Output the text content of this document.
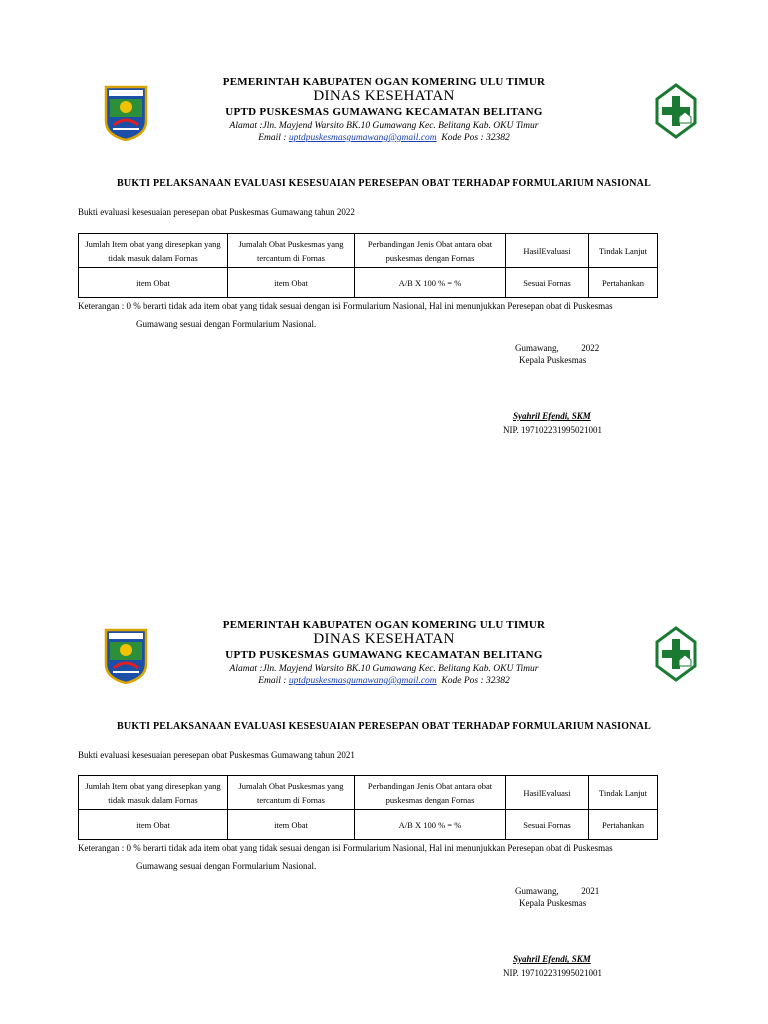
PEMERINTAH KABUPATEN OGAN KOMERING ULU TIMUR
DINAS KESEHATAN
UPTD PUSKESMAS GUMAWANG KECAMATAN BELITANG
Alamat :Jln. Mayjend Warsito BK.10 Gumawang Kec. Belitang Kab. OKU Timur
Email : uptdpuskesmasgumawang@gmail.com Kode Pos : 32382
BUKTI PELAKSANAAN EVALUASI KESESUAIAN PERESEPAN OBAT TERHADAP FORMULARIUM NASIONAL
Bukti evaluasi kesesuaian peresepan obat Puskesmas Gumawang tahun 2022
Jumlah Item obat yang diresepkan yang tidak masuk dalam Fornas	Jumalah Obat Puskesmas yang tercantum di Fornas	Perbandingan Jenis Obat antara obat puskesmas dengan Fornas	HasilEvaluasi	Tindak Lanjut
item Obat	item Obat	A/B X 100 % = %	Sesuai Fornas	Pertahankan
Keterangan : 0 % berarti tidak ada item obat yang tidak sesuai dengan isi Formularium Nasional, Hal ini menunjukkan Peresepan obat di Puskesmas
Gumawang sesuai dengan Formularium Nasional.
Gumawang,	2022
Kepala Puskesmas
Syahril Efendi, SKM
NIP. 197102231995021001
PEMERINTAH KABUPATEN OGAN KOMERING ULU TIMUR
DINAS KESEHATAN
UPTD PUSKESMAS GUMAWANG KECAMATAN BELITANG
Alamat :Jln. Mayjend Warsito BK.10 Gumawang Kec. Belitang Kab. OKU Timur
Email : uptdpuskesmasgumawang@gmail.com Kode Pos : 32382
BUKTI PELAKSANAAN EVALUASI KESESUAIAN PERESEPAN OBAT TERHADAP FORMULARIUM NASIONAL
Bukti evaluasi kesesuaian peresepan obat Puskesmas Gumawang tahun 2021
Jumlah Item obat yang diresepkan yang tidak masuk dalam Fornas	Jumalah Obat Puskesmas yang tercantum di Fornas	Perbandingan Jenis Obat antara obat puskesmas dengan Fornas	HasilEvaluasi	Tindak Lanjut
item Obat	item Obat	A/B X 100 % = %	Sesuai Fornas	Pertahankan
Keterangan : 0 % berarti tidak ada item obat yang tidak sesuai dengan isi Formularium Nasional, Hal ini menunjukkan Peresepan obat di Puskesmas
Gumawang sesuai dengan Formularium Nasional.
Gumawang,	2021
Kepala Puskesmas
Syahril Efendi, SKM
NIP. 197102231995021001
